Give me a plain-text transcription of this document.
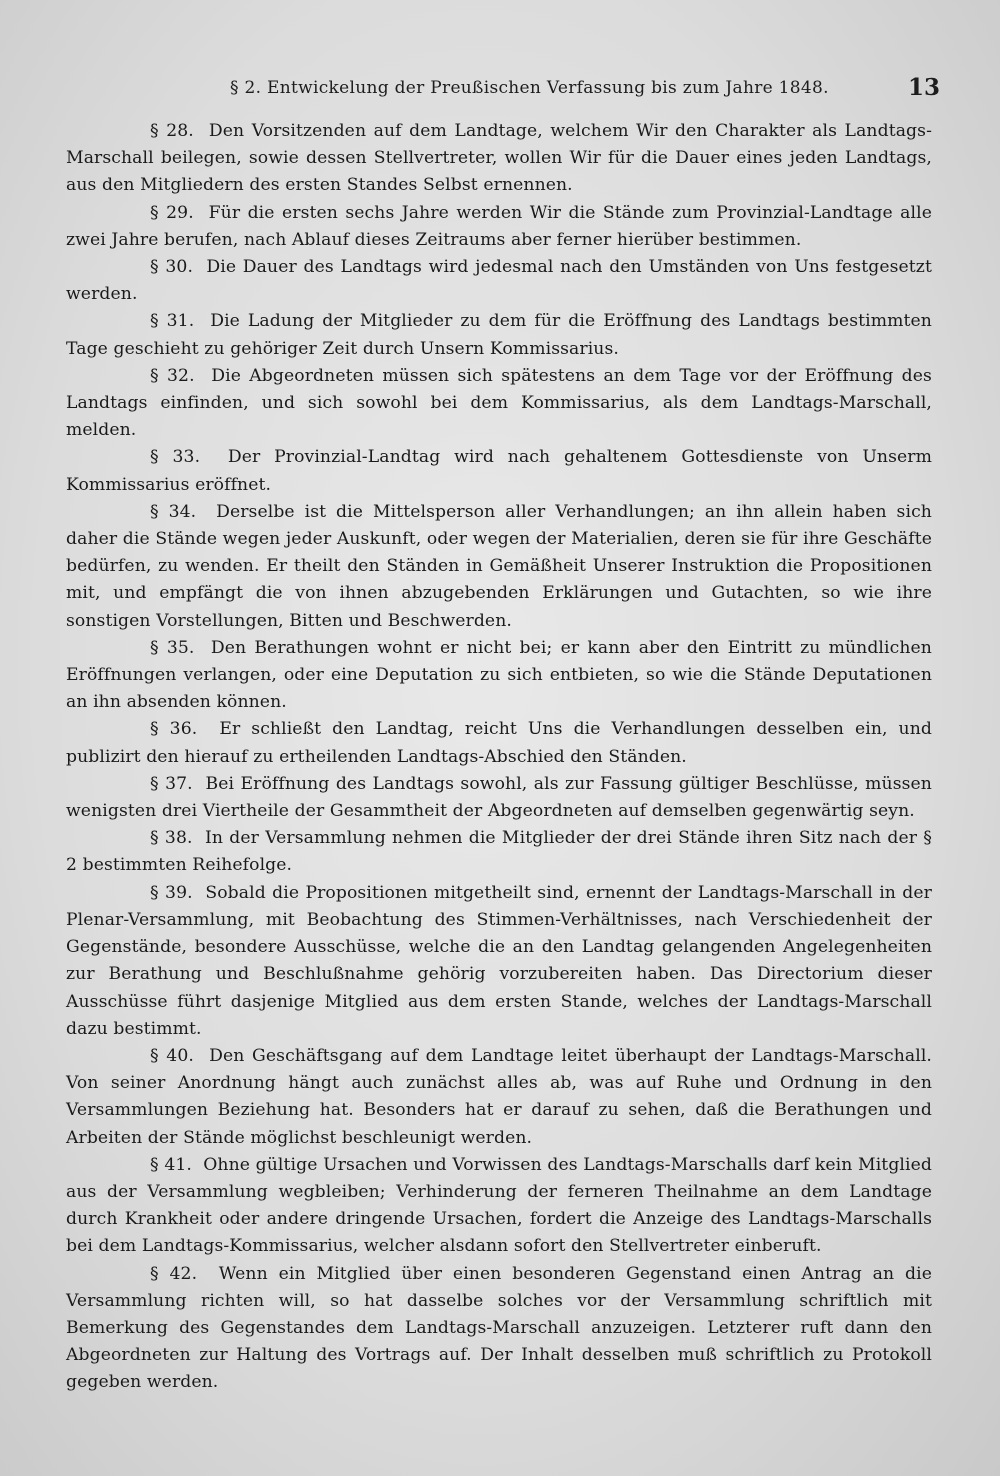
§ 2. Entwickelung der Preußischen Verfassung bis zum Jahre 1848.	13

§ 28. Den Vorsitzenden auf dem Landtage, welchem Wir den Charakter als Landtags-Marschall beilegen, sowie dessen Stellvertreter, wollen Wir für die Dauer eines jeden Landtags, aus den Mitgliedern des ersten Standes Selbst ernennen.

§ 29. Für die ersten sechs Jahre werden Wir die Stände zum Provinzial-Landtage alle zwei Jahre berufen, nach Ablauf dieses Zeitraums aber ferner hierüber bestimmen.

§ 30. Die Dauer des Landtags wird jedesmal nach den Umständen von Uns festgesetzt werden.

§ 31. Die Ladung der Mitglieder zu dem für die Eröffnung des Landtags bestimmten Tage geschieht zu gehöriger Zeit durch Unsern Kommissarius.

§ 32. Die Abgeordneten müssen sich spätestens an dem Tage vor der Eröffnung des Landtags einfinden, und sich sowohl bei dem Kommissarius, als dem Landtags-Marschall, melden.

§ 33. Der Provinzial-Landtag wird nach gehaltenem Gottesdienste von Unserm Kommissarius eröffnet.

§ 34. Derselbe ist die Mittelsperson aller Verhandlungen; an ihn allein haben sich daher die Stände wegen jeder Auskunft, oder wegen der Materialien, deren sie für ihre Geschäfte bedürfen, zu wenden. Er theilt den Ständen in Gemäßheit Unserer Instruktion die Propositionen mit, und empfängt die von ihnen abzugebenden Erklärungen und Gutachten, so wie ihre sonstigen Vorstellungen, Bitten und Beschwerden.

§ 35. Den Berathungen wohnt er nicht bei; er kann aber den Eintritt zu mündlichen Eröffnungen verlangen, oder eine Deputation zu sich entbieten, so wie die Stände Deputationen an ihn absenden können.

§ 36. Er schließt den Landtag, reicht Uns die Verhandlungen desselben ein, und publizirt den hierauf zu ertheilenden Landtags-Abschied den Ständen.

§ 37. Bei Eröffnung des Landtags sowohl, als zur Fassung gültiger Beschlüsse, müssen wenigsten drei Viertheile der Gesammtheit der Abgeordneten auf demselben gegenwärtig seyn.

§ 38. In der Versammlung nehmen die Mitglieder der drei Stände ihren Sitz nach der § 2 bestimmten Reihefolge.

§ 39. Sobald die Propositionen mitgetheilt sind, ernennt der Landtags-Marschall in der Plenar-Versammlung, mit Beobachtung des Stimmen-Verhältnisses, nach Verschiedenheit der Gegenstände, besondere Ausschüsse, welche die an den Landtag gelangenden Angelegenheiten zur Berathung und Beschlußnahme gehörig vorzubereiten haben. Das Directorium dieser Ausschüsse führt dasjenige Mitglied aus dem ersten Stande, welches der Landtags-Marschall dazu bestimmt.

§ 40. Den Geschäftsgang auf dem Landtage leitet überhaupt der Landtags-Marschall. Von seiner Anordnung hängt auch zunächst alles ab, was auf Ruhe und Ordnung in den Versammlungen Beziehung hat. Besonders hat er darauf zu sehen, daß die Berathungen und Arbeiten der Stände möglichst beschleunigt werden.

§ 41. Ohne gültige Ursachen und Vorwissen des Landtags-Marschalls darf kein Mitglied aus der Versammlung wegbleiben; Verhinderung der ferneren Theilnahme an dem Landtage durch Krankheit oder andere dringende Ursachen, fordert die Anzeige des Landtags-Marschalls bei dem Landtags-Kommissarius, welcher alsdann sofort den Stellvertreter einberuft.

§ 42. Wenn ein Mitglied über einen besonderen Gegenstand einen Antrag an die Versammlung richten will, so hat dasselbe solches vor der Versammlung schriftlich mit Bemerkung des Gegenstandes dem Landtags-Marschall anzuzeigen. Letzterer ruft dann den Abgeordneten zur Haltung des Vortrags auf. Der Inhalt desselben muß schriftlich zu Protokoll gegeben werden.
